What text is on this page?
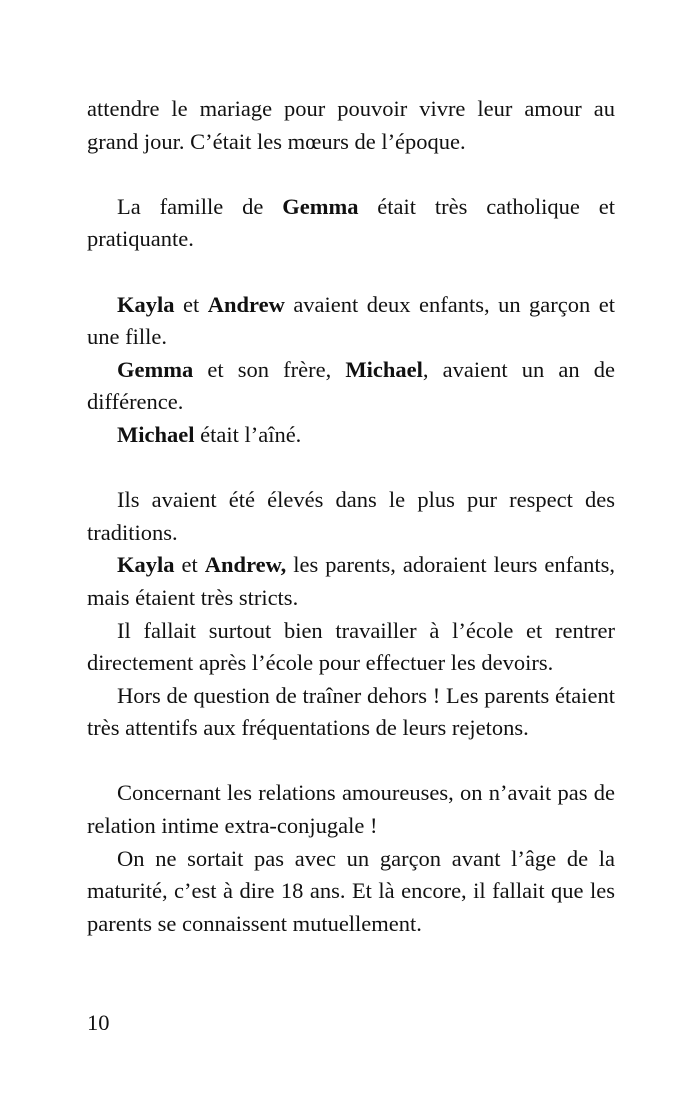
attendre le mariage pour pouvoir vivre leur amour au grand jour. C’était les mœurs de l’époque.

La famille de Gemma était très catholique et pratiquante.

Kayla et Andrew avaient deux enfants, un garçon et une fille.

Gemma et son frère, Michael, avaient un an de différence.

Michael était l’aîné.

Ils avaient été élevés dans le plus pur respect des traditions.

Kayla et Andrew, les parents, adoraient leurs enfants, mais étaient très stricts.

Il fallait surtout bien travailler à l’école et rentrer directement après l’école pour effectuer les devoirs.

Hors de question de traîner dehors ! Les parents étaient très attentifs aux fréquentations de leurs rejetons.

Concernant les relations amoureuses, on n’avait pas de relation intime extra-conjugale !

On ne sortait pas avec un garçon avant l’âge de la maturité, c’est à dire 18 ans. Et là encore, il fallait que les parents se connaissent mutuellement.

10
